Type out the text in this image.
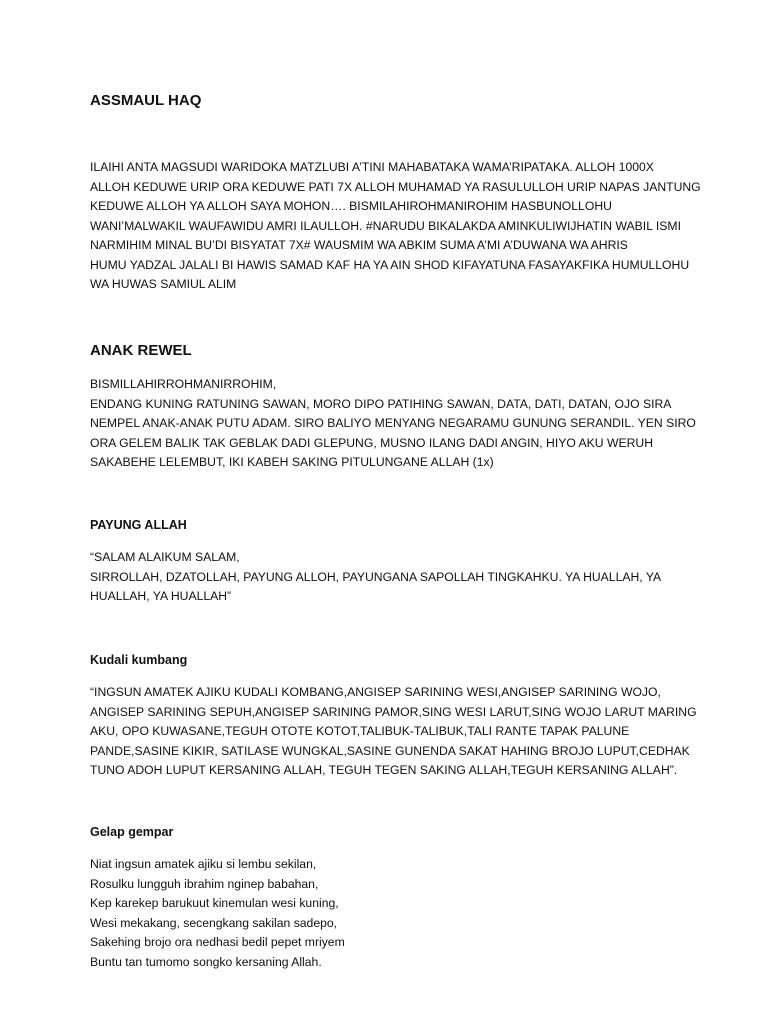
ASSMAUL HAQ
ILAIHI ANTA MAGSUDI WARIDOKA MATZLUBI A’TINI MAHABATAKA WAMA’RIPATAKA. ALLOH 1000X
ALLOH KEDUWE URIP ORA KEDUWE PATI 7X ALLOH MUHAMAD YA RASULULLOH URIP NAPAS JANTUNG
KEDUWE ALLOH YA ALLOH SAYA MOHON…. BISMILAHIROHMANIROHIM HASBUNOLLOHU
WANI’MALWAKIL WAUFAWIDU AMRI ILAULLOH. #NARUDU BIKALAKDA AMINKULIWIJHATIN WABIL ISMI
NARMIHIM MINAL BU’DI BISYATAT 7X# WAUSMIM WA ABKIM SUMA A’MI A’DUWANA WA AHRIS
HUMU YADZAL JALALI BI HAWIS SAMAD KAF HA YA AIN SHOD KIFAYATUNA FASAYAKFIKA HUMULLOHU
WA HUWAS SAMIUL ALIM
ANAK REWEL
BISMILLAHIRROHMANIRROHIM,
ENDANG KUNING RATUNING SAWAN, MORO DIPO PATIHING SAWAN, DATA, DATI, DATAN, OJO SIRA
NEMPEL ANAK-ANAK PUTU ADAM. SIRO BALIYO MENYANG NEGARAMU GUNUNG SERANDIL. YEN SIRO
ORA GELEM BALIK TAK GEBLAK DADI GLEPUNG, MUSNO ILANG DADI ANGIN, HIYO AKU WERUH
SAKABEHE LELEMBUT, IKI KABEH SAKING PITULUNGANE ALLAH (1x)
PAYUNG ALLAH
“SALAM ALAIKUM SALAM,
SIRROLLAH, DZATOLLAH, PAYUNG ALLOH, PAYUNGANA SAPOLLAH TINGKAHKU. YA HUALLAH, YA
HUALLAH, YA HUALLAH”
Kudali kumbang
“INGSUN AMATEK AJIKU KUDALI KOMBANG,ANGISEP SARINING WESI,ANGISEP SARINING WOJO,
ANGISEP SARINING SEPUH,ANGISEP SARINING PAMOR,SING WESI LARUT,SING WOJO LARUT MARING
AKU, OPO KUWASANE,TEGUH OTOTE KOTOT,TALIBUK-TALIBUK,TALI RANTE TAPAK PALUNE
PANDE,SASINE KIKIR, SATILASE WUNGKAL,SASINE GUNENDA SAKAT HAHING BROJO LUPUT,CEDHAK
TUNO ADOH LUPUT KERSANING ALLAH, TEGUH TEGEN SAKING ALLAH,TEGUH KERSANING ALLAH”.
Gelap gempar
Niat ingsun amatek ajiku si lembu sekilan,
Rosulku lungguh ibrahim nginep babahan,
Kep karekep barukuut kinemulan wesi kuning,
Wesi mekakang, secengkang sakilan sadepo,
Sakehing brojo ora nedhasi bedil pepet mriyem
Buntu tan tumomo songko kersaning Allah.
